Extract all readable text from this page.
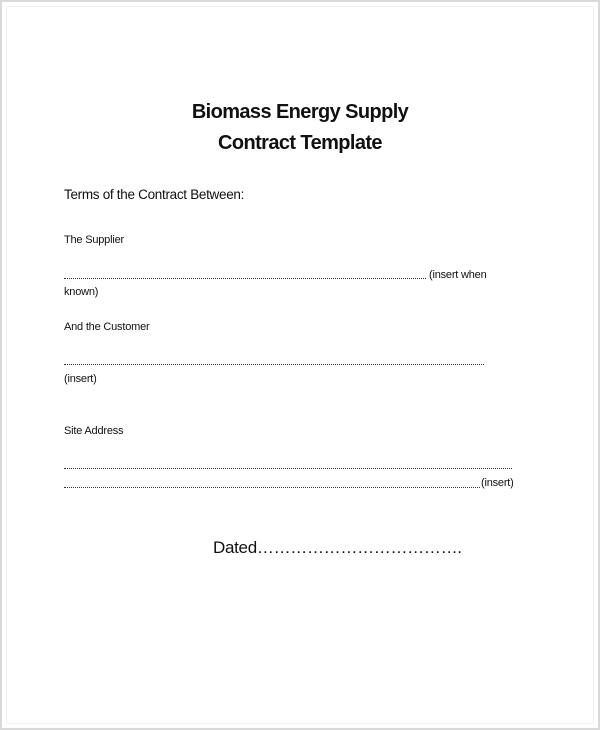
Biomass Energy Supply
Contract Template
Terms of the Contract Between:
The Supplier
(insert when
known)
And the Customer
(insert)
Site Address
(insert)
Dated……………………………….
